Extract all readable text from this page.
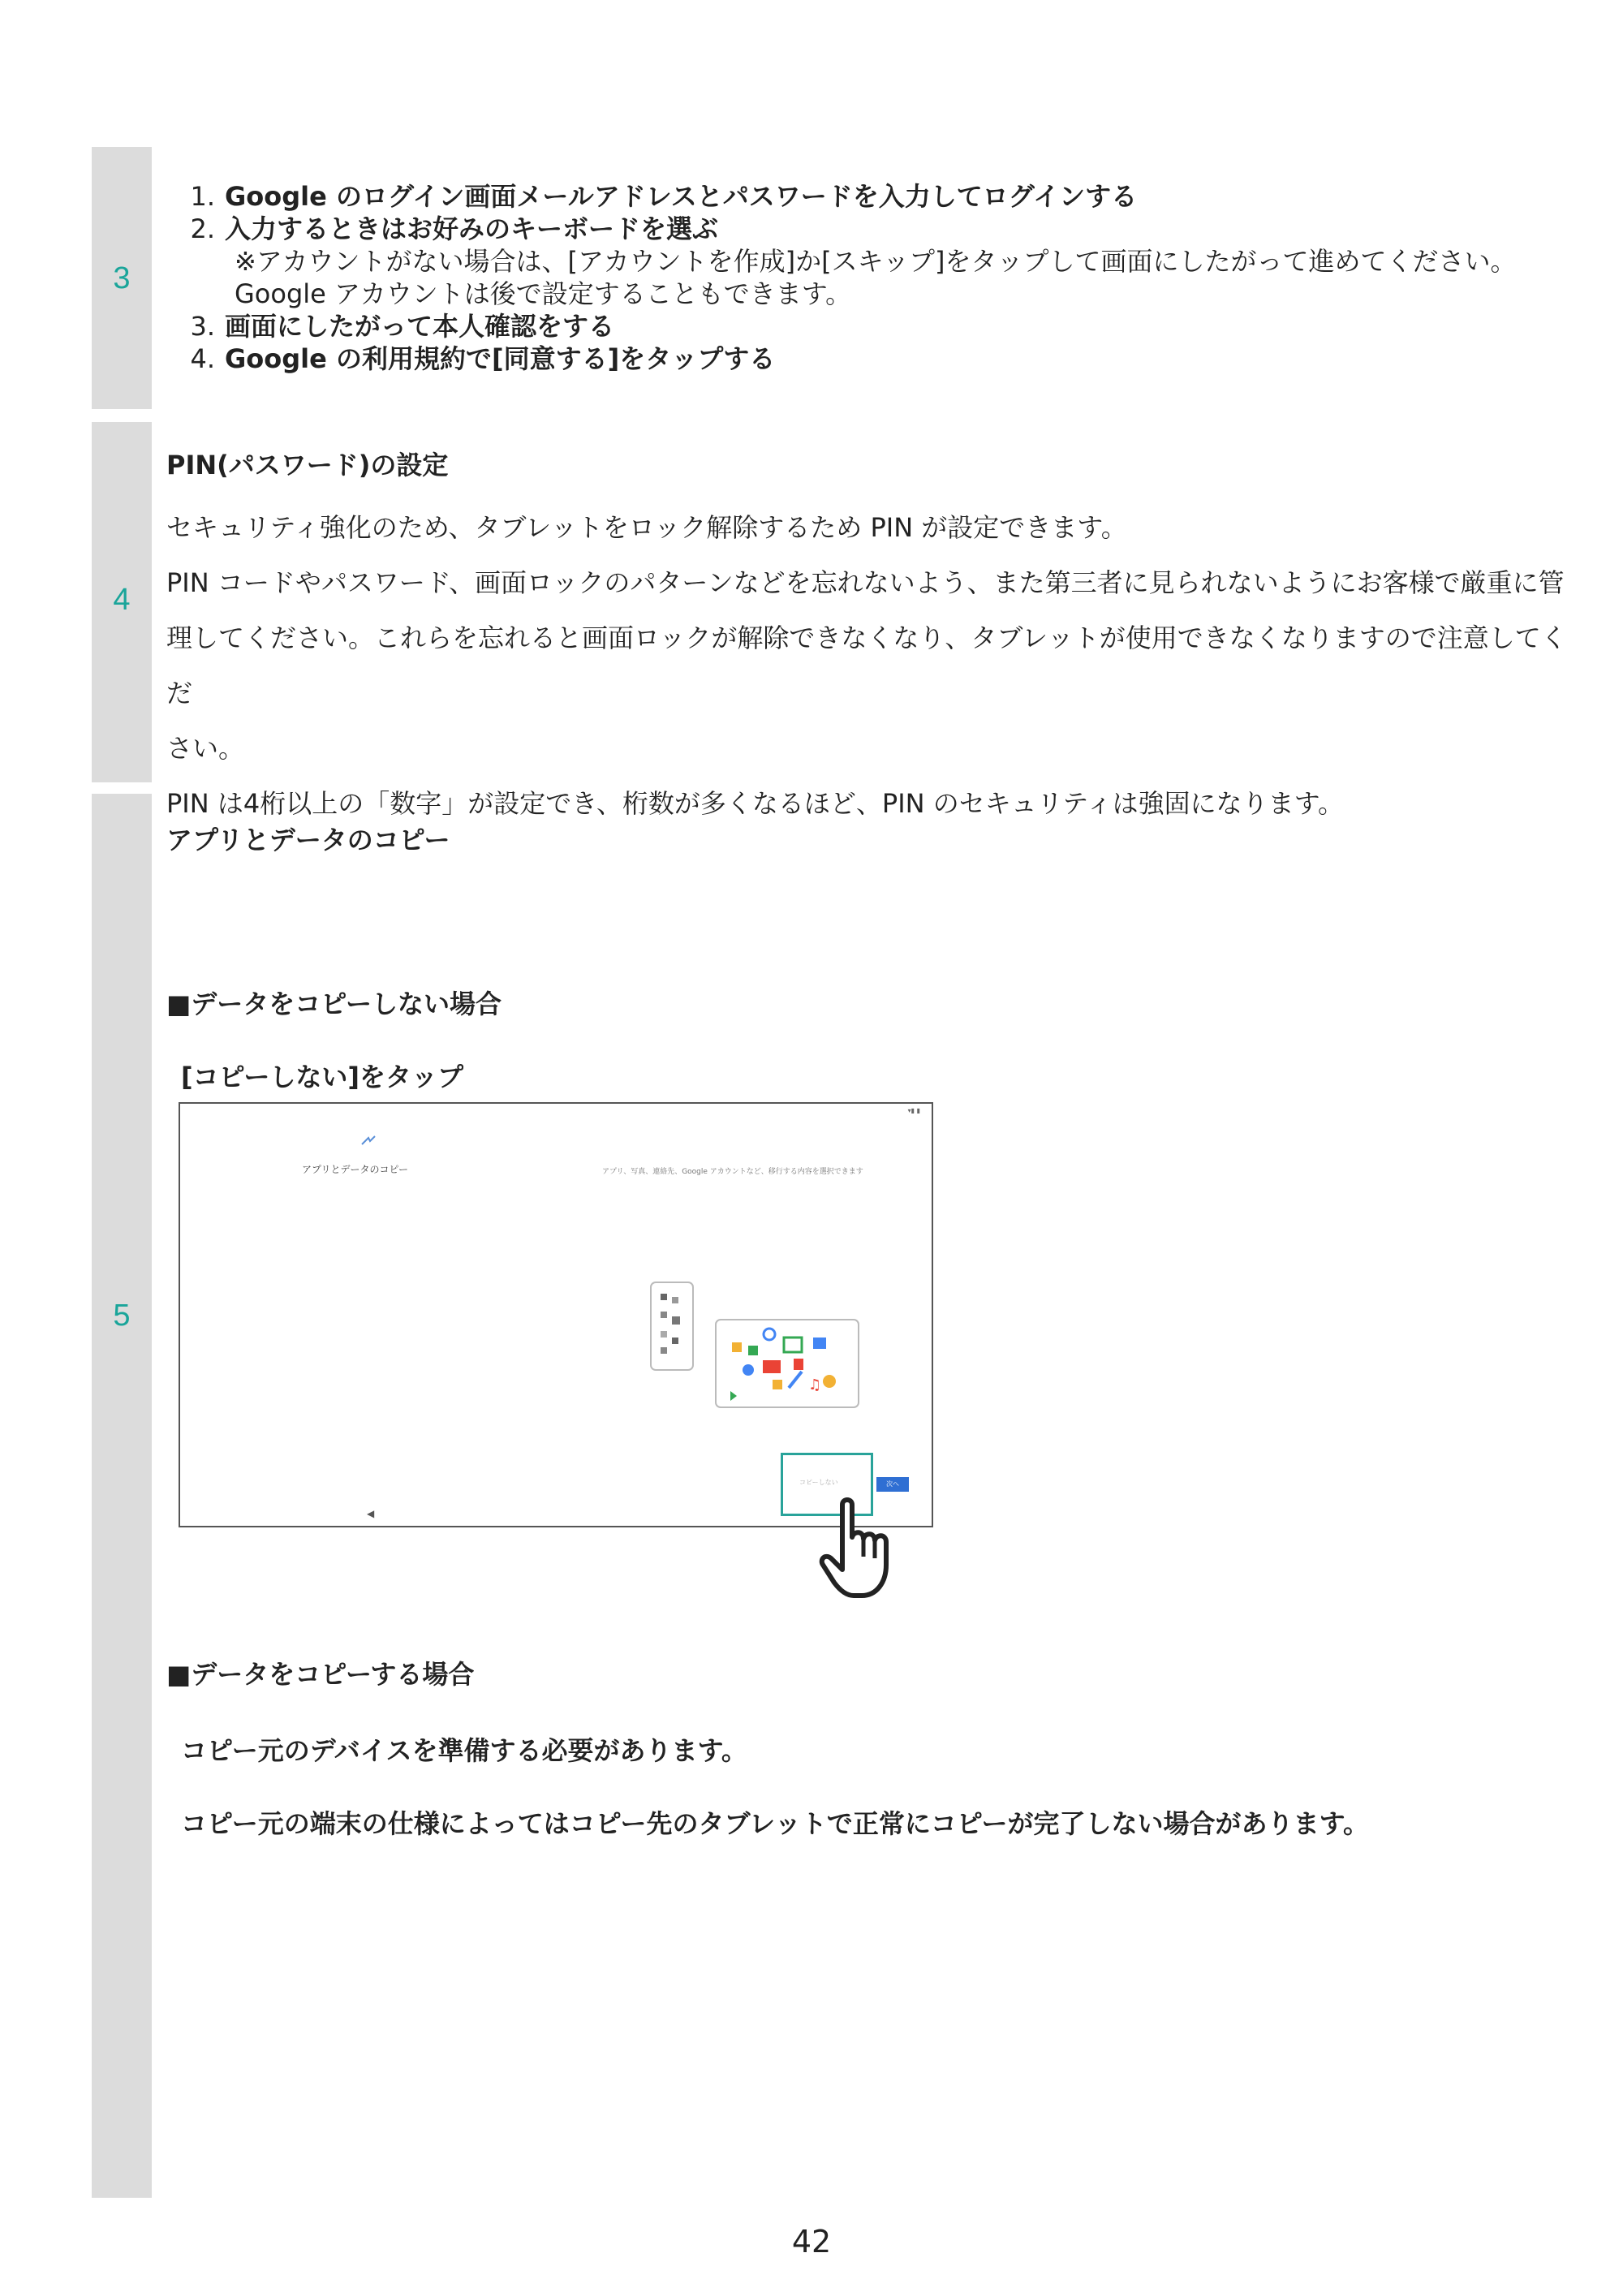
3
4
5
1. Google のログイン画面メールアドレスとパスワードを入力してログインする
2. 入力するときはお好みのキーボードを選ぶ
※アカウントがない場合は、[アカウントを作成]か[スキップ]をタップして画面にしたがって進めてください。
Google アカウントは後で設定することもできます。
3. 画面にしたがって本人確認をする
4. Google の利用規約で[同意する]をタップする
PIN(パスワード)の設定
セキュリティ強化のため、タブレットをロック解除するため PIN が設定できます。
PIN コードやパスワード、画面ロックのパターンなどを忘れないよう、また第三者に見られないようにお客様で厳重に管
理してください。これらを忘れると画面ロックが解除できなくなり、タブレットが使用できなくなりますので注意してくだ
さい。
PIN は4桁以上の「数字」が設定でき、桁数が多くなるほど、PIN のセキュリティは強固になります。
アプリとデータのコピー
■データをコピーしない場合
[コピーしない]をタップ
▾▮ ▮
アプリとデータのコピー	アプリ、写真、連絡先、Google アカウントなど、移行する内容を選択できます
♫
コピーしない	次へ
◀
■データをコピーする場合
コピー元のデバイスを準備する必要があります。
コピー元の端末の仕様によってはコピー先のタブレットで正常にコピーが完了しない場合があります。
42
